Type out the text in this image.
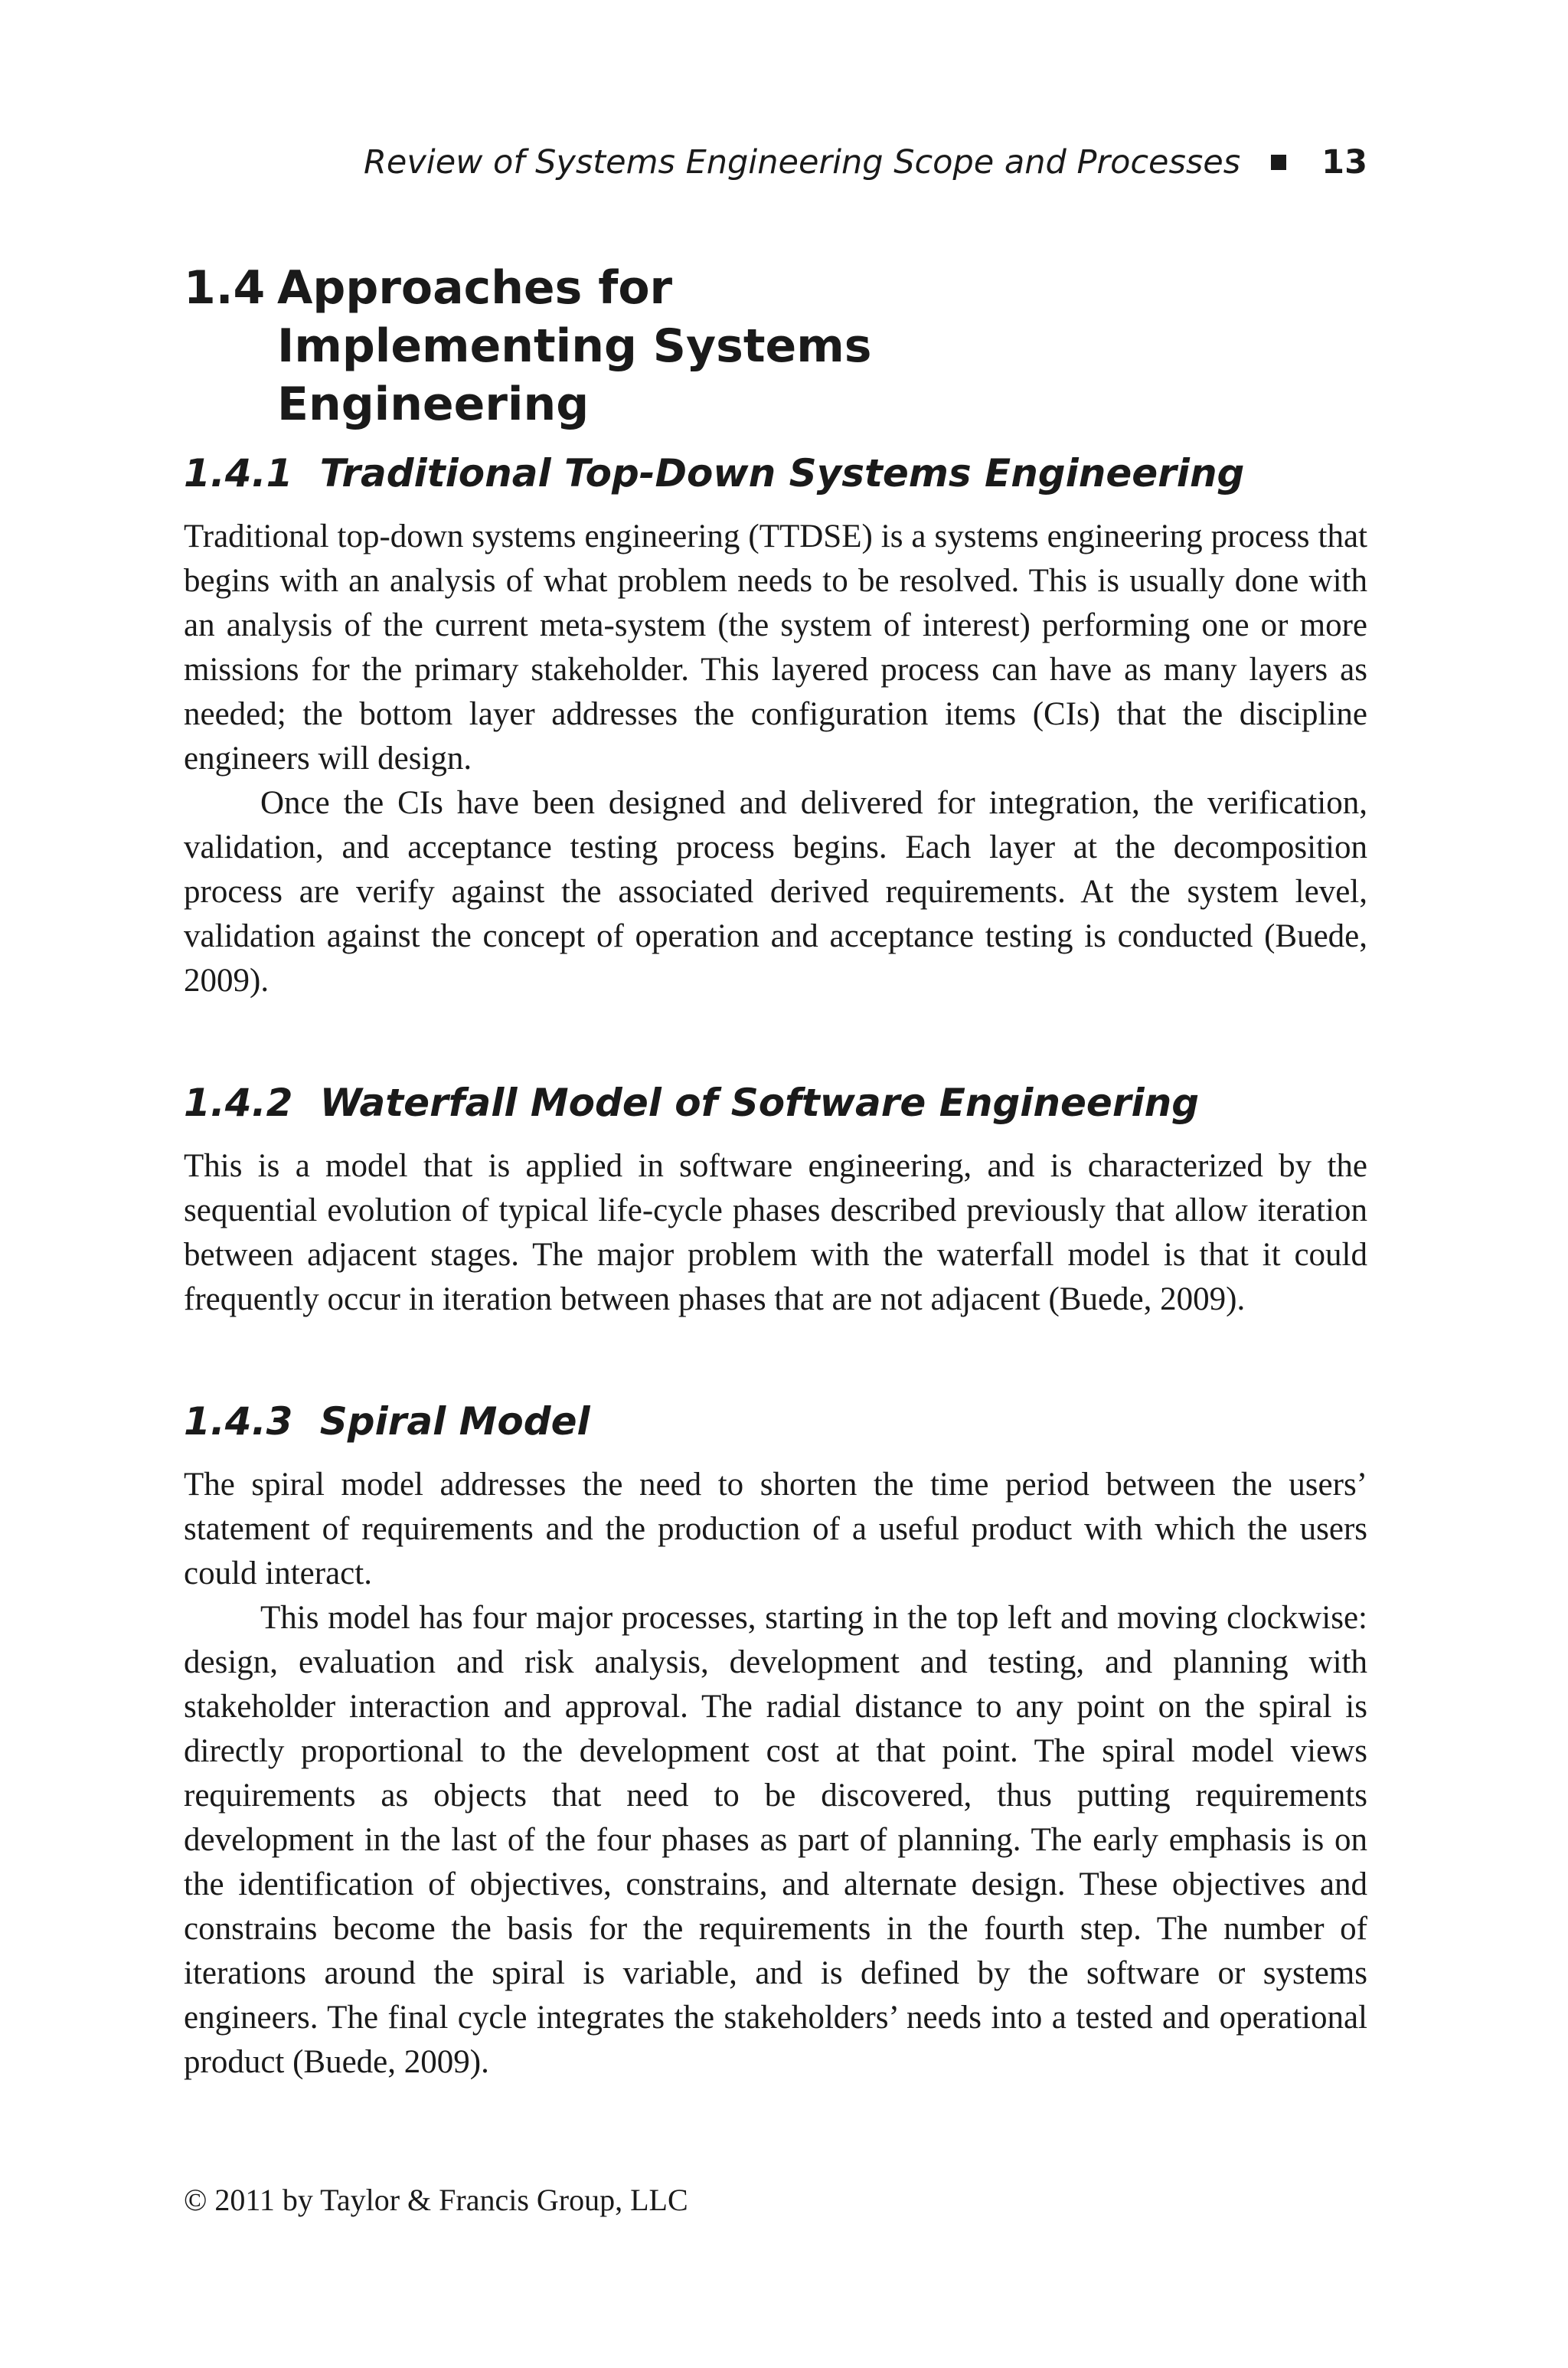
Review of Systems Engineering Scope and Processes 13
1.4 Approaches for Implementing Systems Engineering
1.4.1 Traditional Top-Down Systems Engineering

Traditional top-down systems engineering (TTDSE) is a systems engineering process that begins with an analysis of what problem needs to be resolved. This is usually done with an analysis of the current meta-system (the system of interest) performing one or more missions for the primary stakeholder. This layered process can have as many layers as needed; the bottom layer addresses the configuration items (CIs) that the discipline engineers will design.

Once the CIs have been designed and delivered for integration, the verification, validation, and acceptance testing process begins. Each layer at the decomposition process are verify against the associated derived requirements. At the system level, validation against the concept of operation and acceptance testing is conducted (Buede, 2009).

1.4.2 Waterfall Model of Software Engineering

This is a model that is applied in software engineering, and is characterized by the sequential evolution of typical life-cycle phases described previously that allow iteration between adjacent stages. The major problem with the waterfall model is that it could frequently occur in iteration between phases that are not adjacent (Buede, 2009).

1.4.3 Spiral Model

The spiral model addresses the need to shorten the time period between the users’ statement of requirements and the production of a useful product with which the users could interact.

This model has four major processes, starting in the top left and moving clockwise: design, evaluation and risk analysis, development and testing, and planning with stakeholder interaction and approval. The radial distance to any point on the spiral is directly proportional to the development cost at that point. The spiral model views requirements as objects that need to be discovered, thus putting requirements development in the last of the four phases as part of planning. The early emphasis is on the identification of objectives, constrains, and alternate design. These objectives and constrains become the basis for the requirements in the fourth step. The number of iterations around the spiral is variable, and is defined by the software or systems engineers. The final cycle integrates the stakeholders’ needs into a tested and operational product (Buede, 2009).

© 2011 by Taylor & Francis Group, LLC
